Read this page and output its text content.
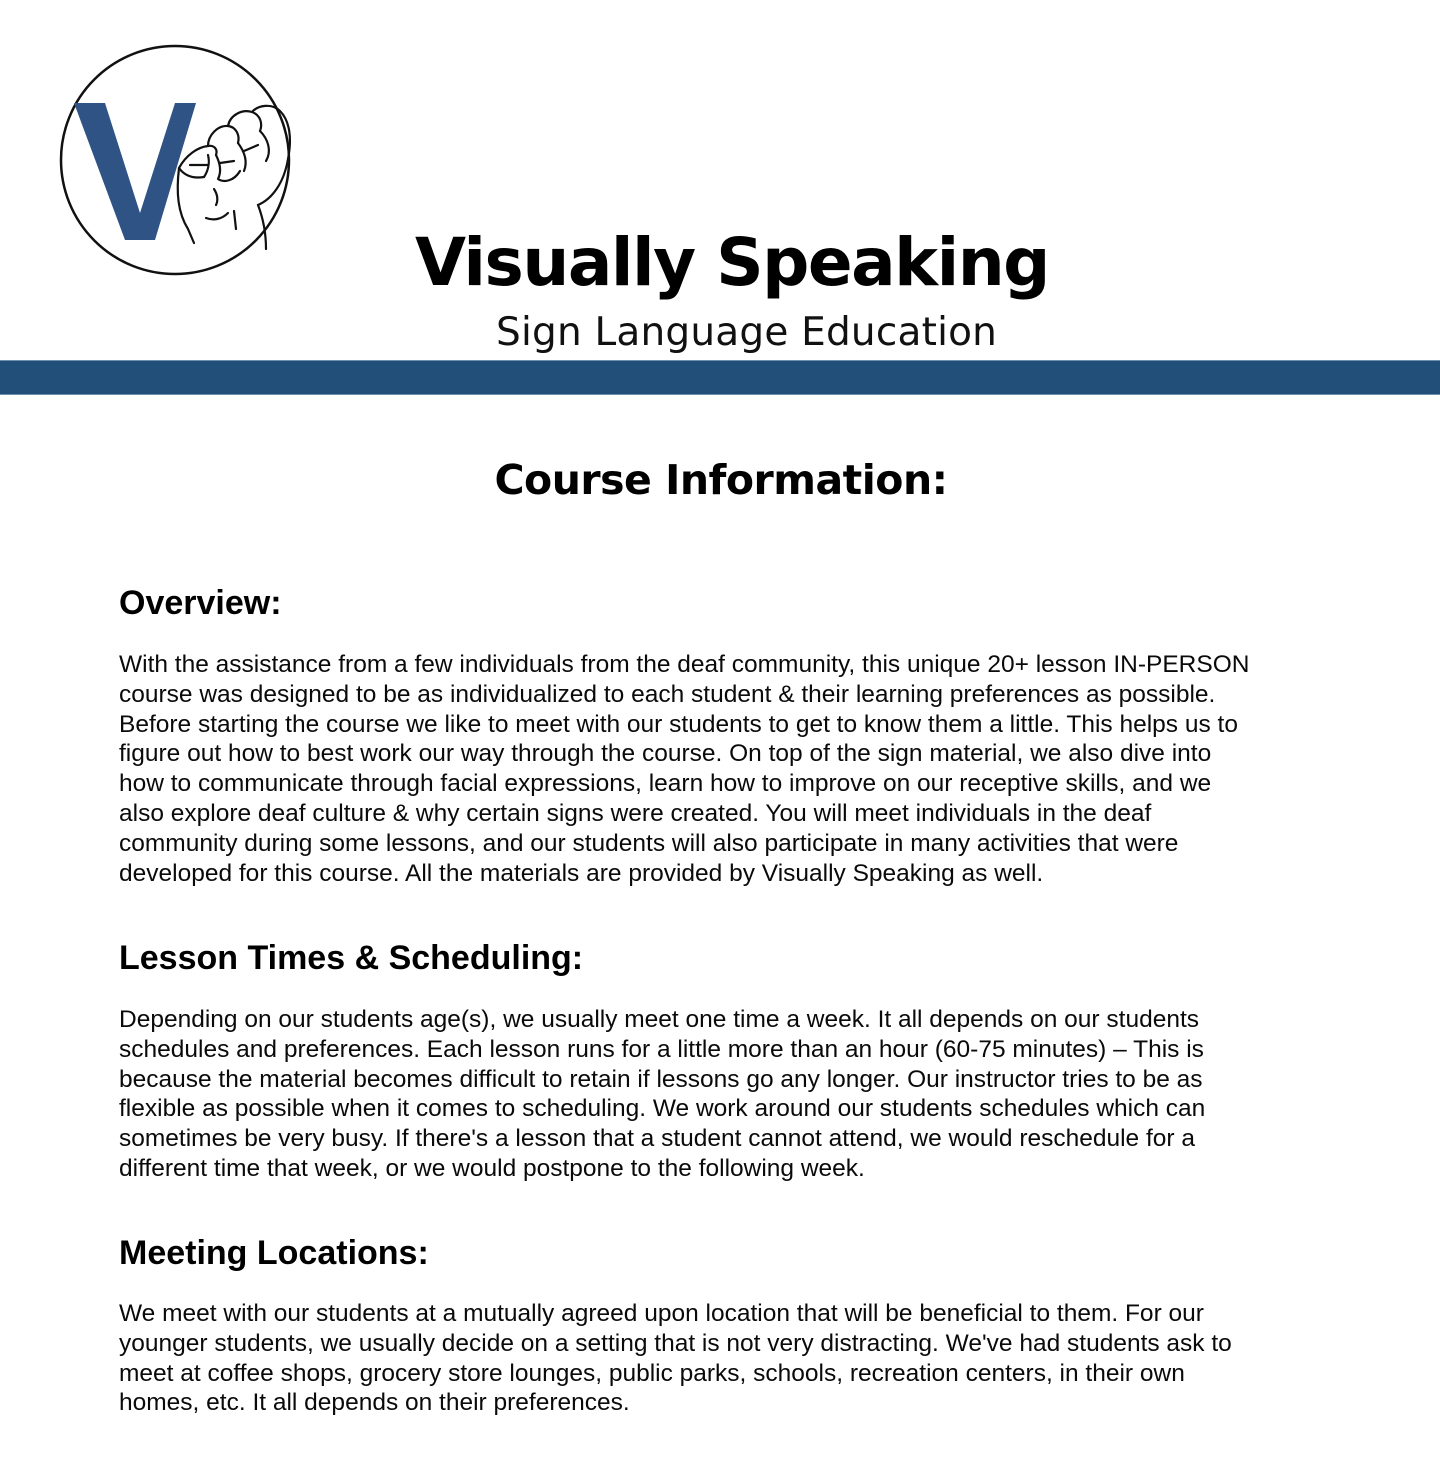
Visually Speaking
Sign Language Education
Course Information:
Overview:
With the assistance from a few individuals from the deaf community, this unique 20+ lesson IN-PERSON
course was designed to be as individualized to each student & their learning preferences as possible.
Before starting the course we like to meet with our students to get to know them a little. This helps us to
figure out how to best work our way through the course. On top of the sign material, we also dive into
how to communicate through facial expressions, learn how to improve on our receptive skills, and we
also explore deaf culture & why certain signs were created. You will meet individuals in the deaf
community during some lessons, and our students will also participate in many activities that were
developed for this course. All the materials are provided by Visually Speaking as well.
Lesson Times & Scheduling:
Depending on our students age(s), we usually meet one time a week. It all depends on our students
schedules and preferences. Each lesson runs for a little more than an hour (60-75 minutes) – This is
because the material becomes difficult to retain if lessons go any longer. Our instructor tries to be as
flexible as possible when it comes to scheduling. We work around our students schedules which can
sometimes be very busy. If there's a lesson that a student cannot attend, we would reschedule for a
different time that week, or we would postpone to the following week.
Meeting Locations:
We meet with our students at a mutually agreed upon location that will be beneficial to them. For our
younger students, we usually decide on a setting that is not very distracting. We've had students ask to
meet at coffee shops, grocery store lounges, public parks, schools, recreation centers, in their own
homes, etc. It all depends on their preferences.
